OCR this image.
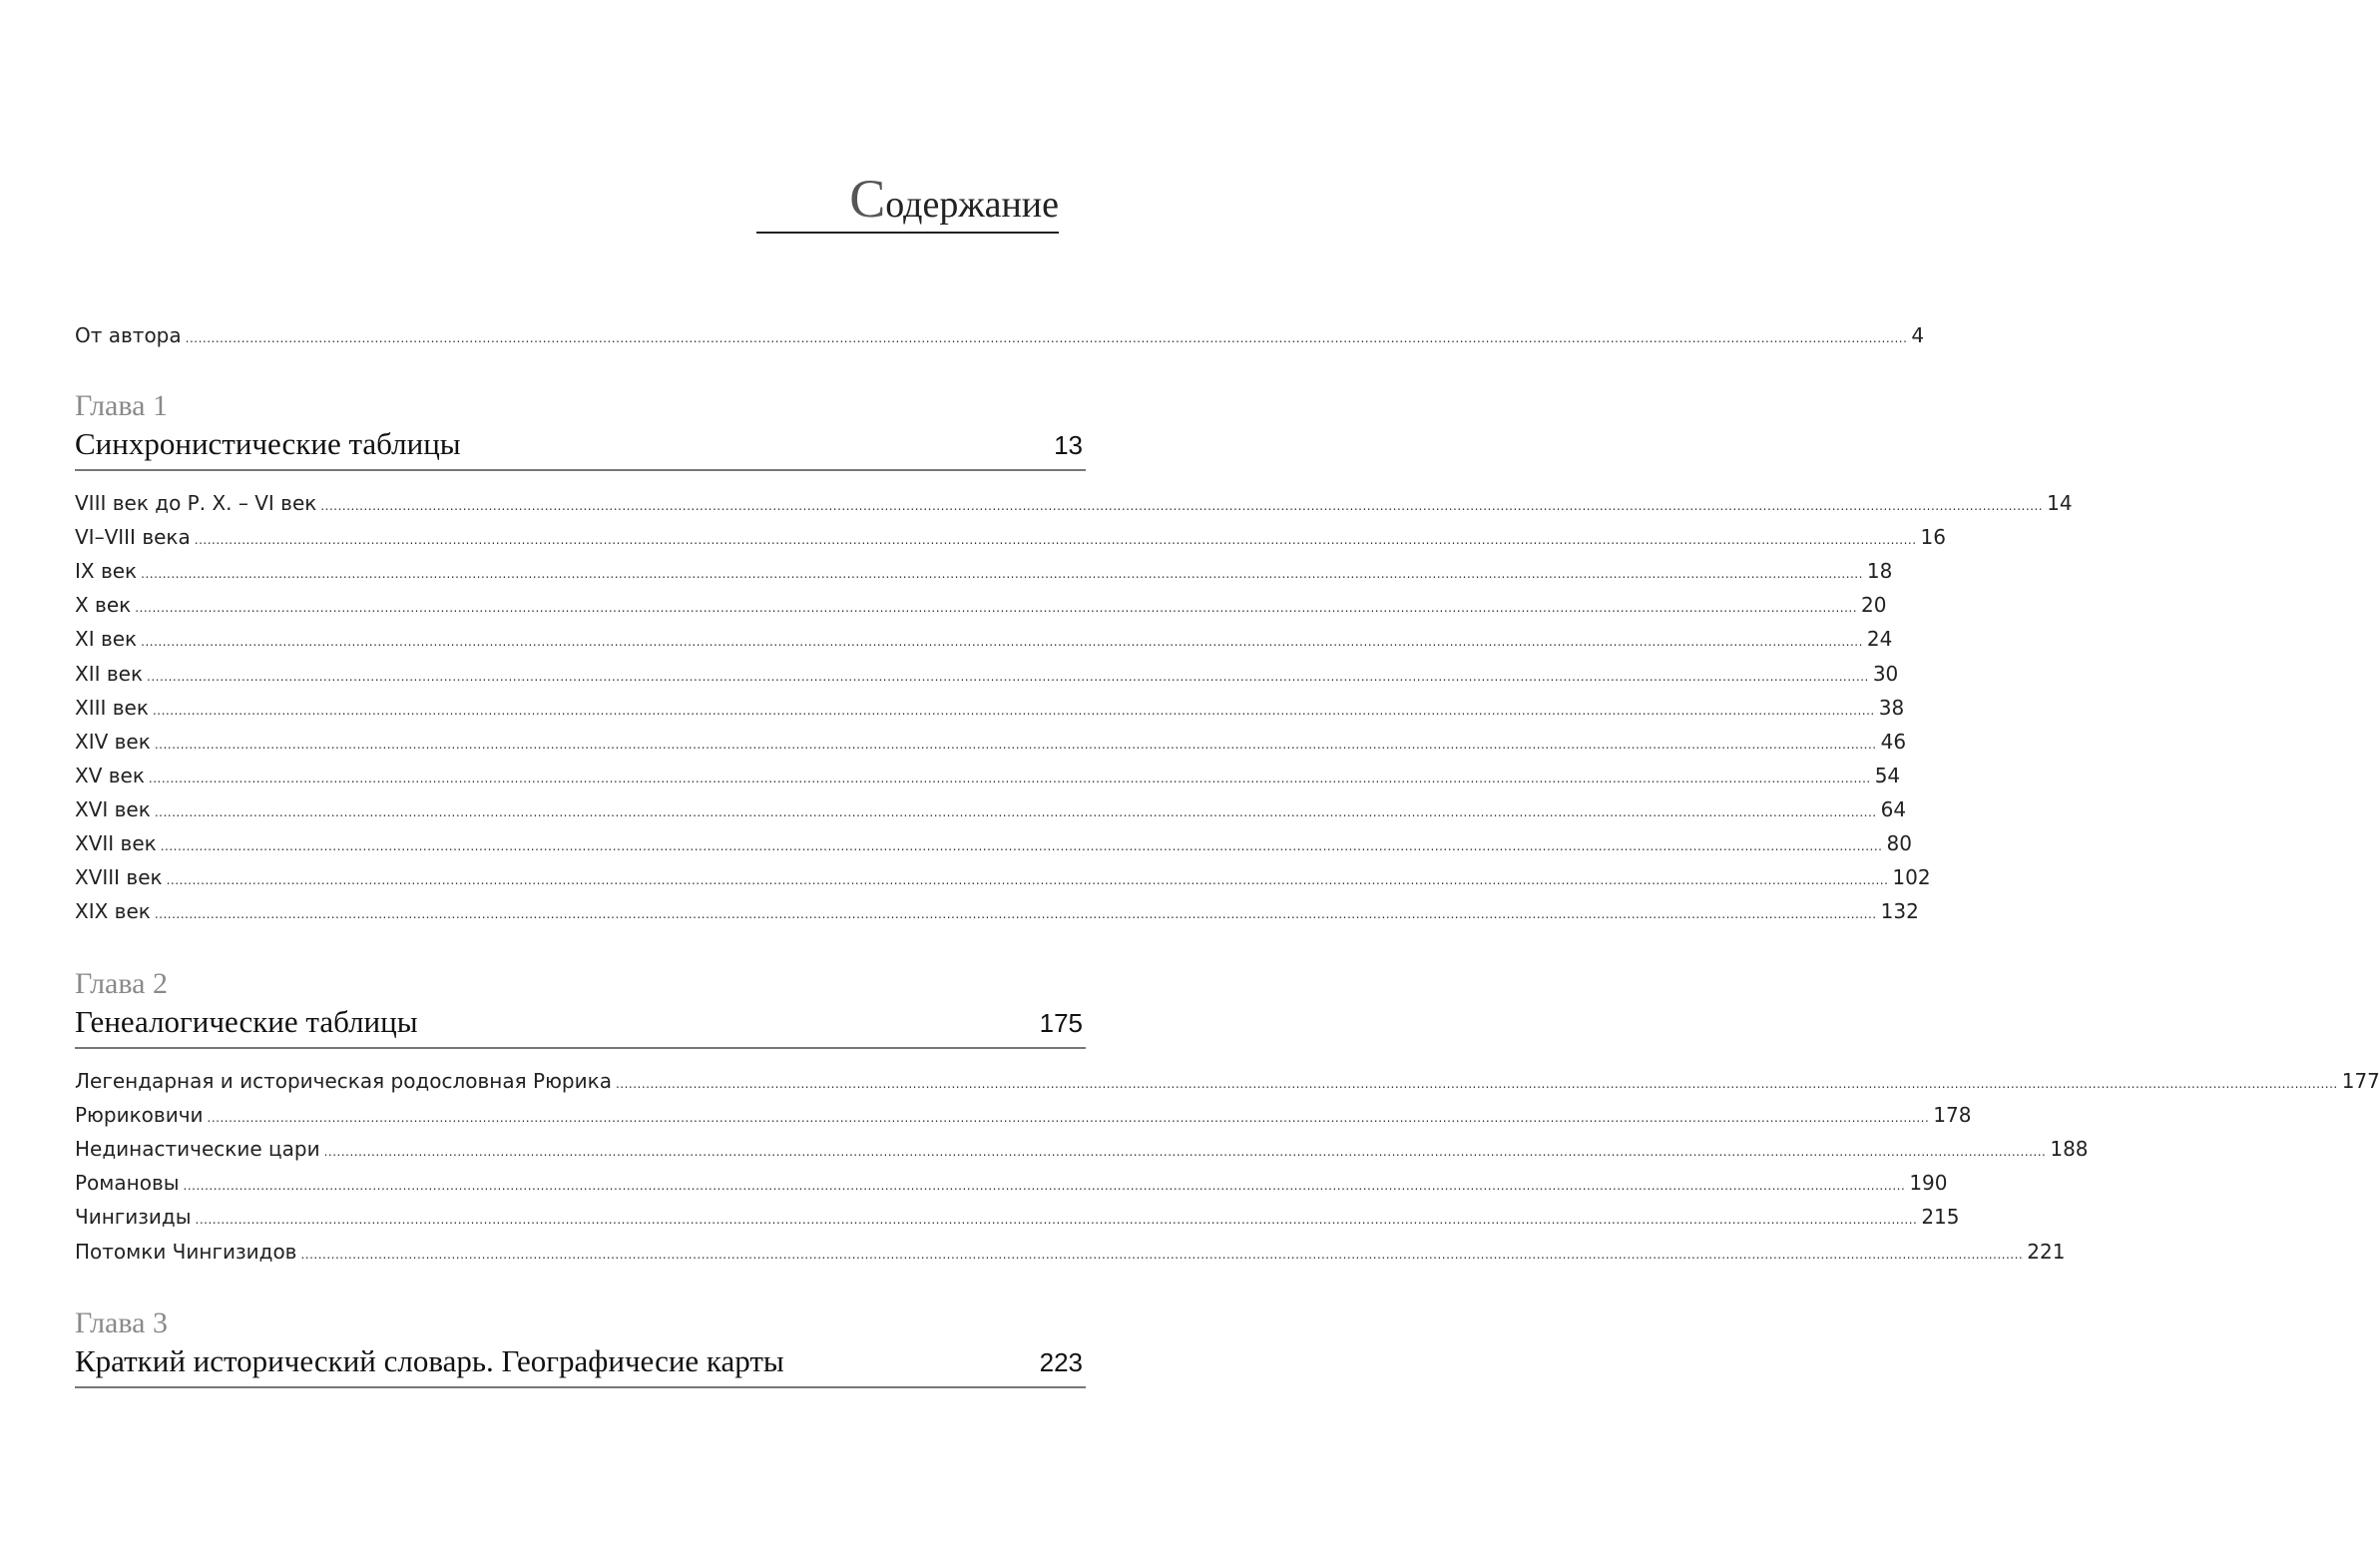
Содержание
От автора ................................................................................................................................................................................................................................................................................................................................................................................................................ 4
Глава 1
Синхронистические таблицы	13
VIII век до Р. Х. – VI век ................................................................................................................................................................................................................................................................................................................................................................................................................ 14
VI–VIII века ................................................................................................................................................................................................................................................................................................................................................................................................................ 16
IX век ................................................................................................................................................................................................................................................................................................................................................................................................................ 18
X век ................................................................................................................................................................................................................................................................................................................................................................................................................ 20
XI век ................................................................................................................................................................................................................................................................................................................................................................................................................ 24
XII век ................................................................................................................................................................................................................................................................................................................................................................................................................ 30
XIII век ................................................................................................................................................................................................................................................................................................................................................................................................................ 38
XIV век ................................................................................................................................................................................................................................................................................................................................................................................................................ 46
XV век ................................................................................................................................................................................................................................................................................................................................................................................................................ 54
XVI век ................................................................................................................................................................................................................................................................................................................................................................................................................ 64
XVII век ................................................................................................................................................................................................................................................................................................................................................................................................................ 80
XVIII век ................................................................................................................................................................................................................................................................................................................................................................................................................ 102
XIX век ................................................................................................................................................................................................................................................................................................................................................................................................................ 132
Глава 2
Генеалогические таблицы	175
Легендарная и историческая родословная Рюрика ................................................................................................................................................................................................................................................................................................................................................................................................................ 177
Рюриковичи ................................................................................................................................................................................................................................................................................................................................................................................................................ 178
Нединастические цари ................................................................................................................................................................................................................................................................................................................................................................................................................ 188
Романовы ................................................................................................................................................................................................................................................................................................................................................................................................................ 190
Чингизиды ................................................................................................................................................................................................................................................................................................................................................................................................................ 215
Потомки Чингизидов ................................................................................................................................................................................................................................................................................................................................................................................................................ 221
Глава 3
Краткий исторический словарь. Географичесие карты	223
